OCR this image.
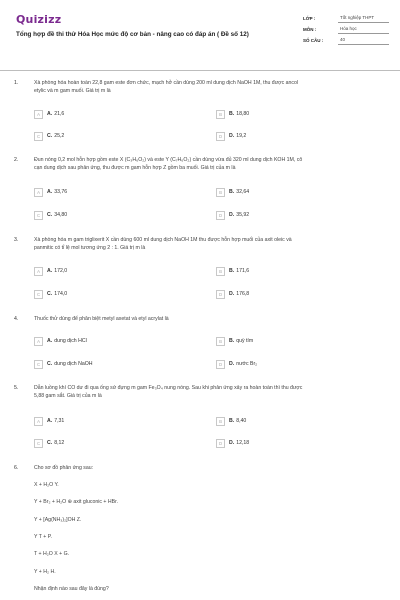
Quizizz
Tổng hợp đề thi thử Hóa Học mức độ cơ bản - nâng cao có đáp án ( Đề số 12)
LỚP :	Tốt nghiệp THPT
MÔN :	Hóa học
SỐ CÂU :	40
1.	Xà phòng hóa hoàn toàn 22,8 gam este đơn chức, mạch hở cần dùng 200 ml dung dịch NaOH 1M, thu được ancol
etylic và m gam muối. Giá trị m là
A	A. 21,6	B	B. 18,80
C	C. 25,2	D	D. 19,2
2.	Đun nóng 0,2 mol hỗn hợp gồm este X (C₃H₆O₂) và este Y (C₇H₆O₂) cần dùng vừa đủ 320 ml dung dịch KOH 1M, cô
cạn dung dịch sau phản ứng, thu được m gam hỗn hợp Z gồm ba muối. Giá trị của m là
A	A. 33,76	B	B. 32,64
C	C. 34,80	D	D. 35,92
3.	Xà phòng hóa m gam triglixerit X cần dùng 600 ml dung dịch NaOH 1M thu được hỗn hợp muối của axit oleic và
panmitic có tỉ lệ mol tương ứng 2 : 1. Giá trị m là
A	A. 172,0	B	B. 171,6
C	C. 174,0	D	D. 176,8
4.	Thuốc thử dùng để phân biệt metyl axetat và etyl acrylat là
A	A. dung dịch HCl	B	B. quỳ tím
C	C. dung dịch NaOH	D	D. nước Br₂
5.	Dẫn luồng khí CO dư đi qua ống sứ đựng m gam Fe₃O₄ nung nóng. Sau khi phản ứng xảy ra hoàn toàn thì thu được
5,88 gam sắt. Giá trị của m là
A	A. 7,31	B	B. 8,40
C	C. 8,12	D	D. 12,18
6.	Cho sơ đồ phản ứng sau:
X + H₂O Y.
Y + Br₂ + H₂O ⊕ axit gluconic + HBr.
Y + [Ag(NH₃)₂]OH Z.
Y T + P.
T + H₂O X + G.
Y + H₂ H.
Nhận định nào sau đây là đúng?
